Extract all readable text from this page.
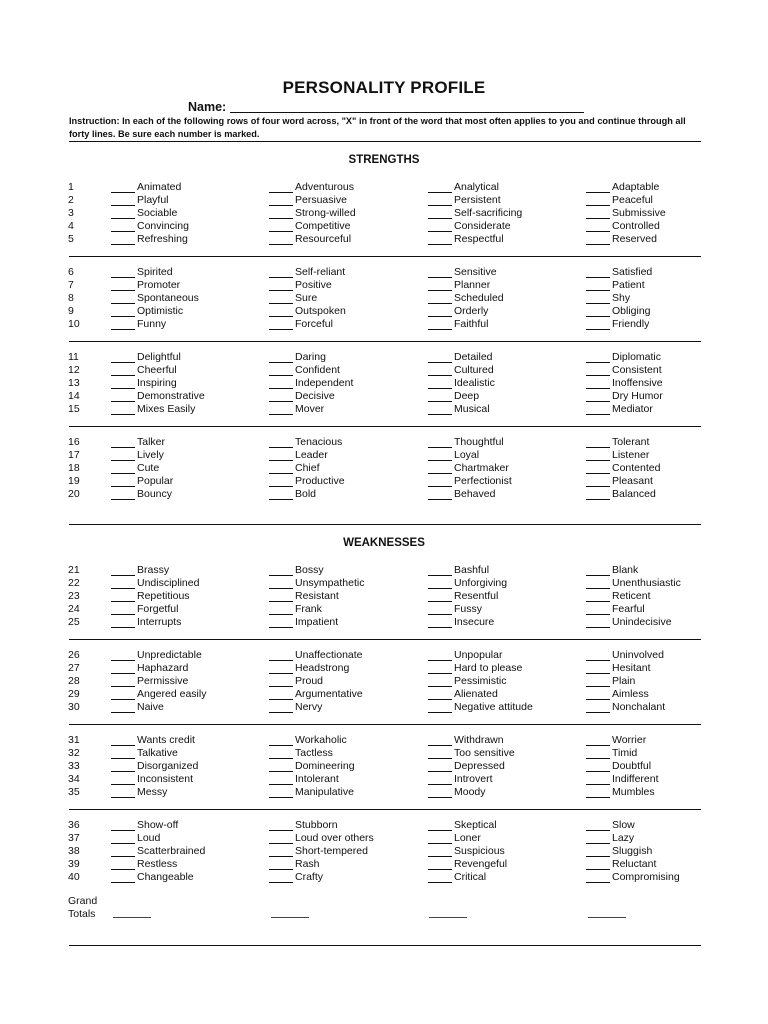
PERSONALITY PROFILE
Name:
Instruction: In each of the following rows of four word across, "X" in front of the word that most often applies to you and continue through all forty lines. Be sure each number is marked.
STRENGTHS
1	Animated	Adventurous	Analytical	Adaptable
2	Playful	Persuasive	Persistent	Peaceful
3	Sociable	Strong-willed	Self-sacrificing	Submissive
4	Convincing	Competitive	Considerate	Controlled
5	Refreshing	Resourceful	Respectful	Reserved
6	Spirited	Self-reliant	Sensitive	Satisfied
7	Promoter	Positive	Planner	Patient
8	Spontaneous	Sure	Scheduled	Shy
9	Optimistic	Outspoken	Orderly	Obliging
10	Funny	Forceful	Faithful	Friendly
11	Delightful	Daring	Detailed	Diplomatic
12	Cheerful	Confident	Cultured	Consistent
13	Inspiring	Independent	Idealistic	Inoffensive
14	Demonstrative	Decisive	Deep	Dry Humor
15	Mixes Easily	Mover	Musical	Mediator
16	Talker	Tenacious	Thoughtful	Tolerant
17	Lively	Leader	Loyal	Listener
18	Cute	Chief	Chartmaker	Contented
19	Popular	Productive	Perfectionist	Pleasant
20	Bouncy	Bold	Behaved	Balanced
WEAKNESSES
21	Brassy	Bossy	Bashful	Blank
22	Undisciplined	Unsympathetic	Unforgiving	Unenthusiastic
23	Repetitious	Resistant	Resentful	Reticent
24	Forgetful	Frank	Fussy	Fearful
25	Interrupts	Impatient	Insecure	Unindecisive
26	Unpredictable	Unaffectionate	Unpopular	Uninvolved
27	Haphazard	Headstrong	Hard to please	Hesitant
28	Permissive	Proud	Pessimistic	Plain
29	Angered easily	Argumentative	Alienated	Aimless
30	Naive	Nervy	Negative attitude	Nonchalant
31	Wants credit	Workaholic	Withdrawn	Worrier
32	Talkative	Tactless	Too sensitive	Timid
33	Disorganized	Domineering	Depressed	Doubtful
34	Inconsistent	Intolerant	Introvert	Indifferent
35	Messy	Manipulative	Moody	Mumbles
36	Show-off	Stubborn	Skeptical	Slow
37	Loud	Loud over others	Loner	Lazy
38	Scatterbrained	Short-tempered	Suspicious	Sluggish
39	Restless	Rash	Revengeful	Reluctant
40	Changeable	Crafty	Critical	Compromising
Grand
Totals
